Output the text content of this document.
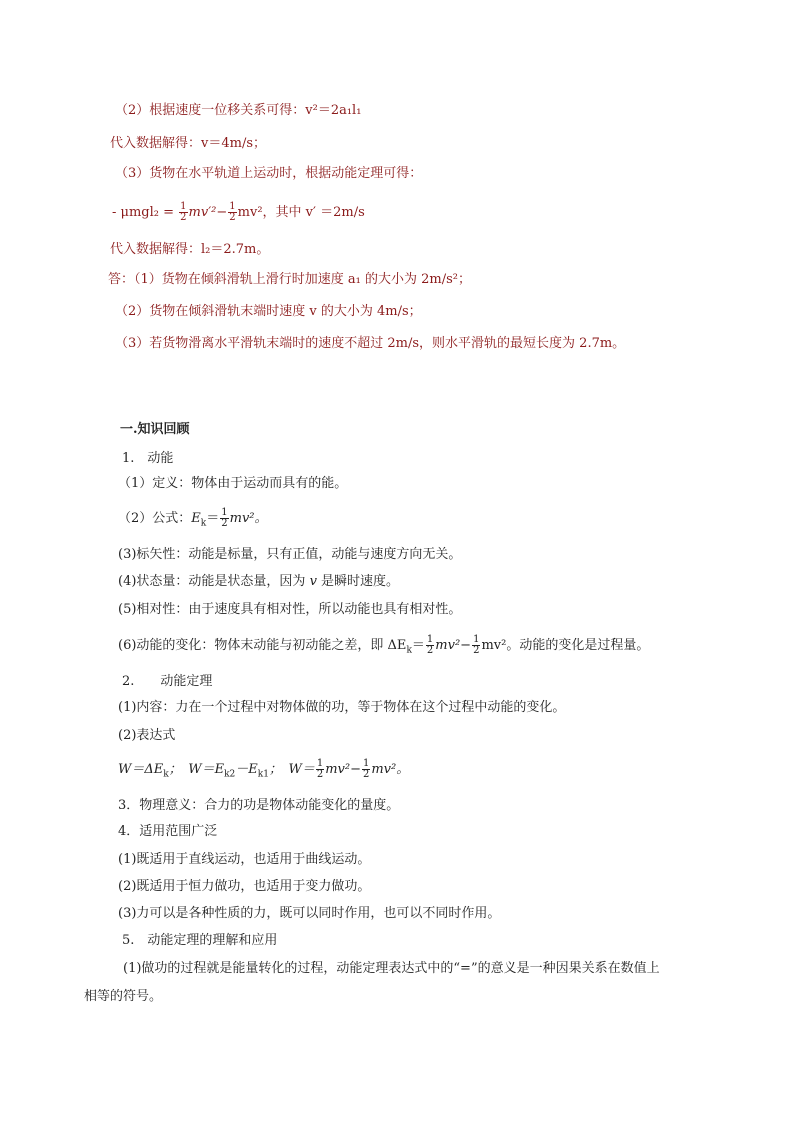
（2）根据速度一位移关系可得：v²＝2a₁l₁
代入数据解得：v＝4m/s；
（3）货物在水平轨道上运动时，根据动能定理可得：
- $\mu mgl_2 = \frac{1}{2} mv'^2- \frac{1}{2} mv^2$，其中 v′ ＝2m/s
代入数据解得：l₂＝2.7m。
答：（1）货物在倾斜滑轨上滑行时加速度 a₁ 的大小为 2m/s²；
（2）货物在倾斜滑轨末端时速度 v 的大小为 4m/s；
（3）若货物滑离水平滑轨末端时的速度不超过 2m/s，则水平滑轨的最短长度为 2.7m。
一.知识回顾
1.　动能
（1）定义：物体由于运动而具有的能。
（2）公式：$E_k= \frac{1}{2} mv^2$。
(3)标矢性：动能是标量，只有正值，动能与速度方向无关。
(4)状态量：动能是状态量，因为 v 是瞬时速度。
(5)相对性：由于速度具有相对性，所以动能也具有相对性。
(6)动能的变化：物体末动能与初动能之差，即 $\Delta E_k= \frac{1}{2} mv^2- \frac{1}{2} mv^2$。动能的变化是过程量。
2.　　动能定理
(1)内容：力在一个过程中对物体做的功，等于物体在这个过程中动能的变化。
(2)表达式
$W=\Delta E_k$；　$W=E_{k2}-E_{k1}$；　$W= \frac{1}{2} mv^2- \frac{1}{2} mv^2$。
3．物理意义：合力的功是物体动能变化的量度。
4．适用范围广泛
(1)既适用于直线运动，也适用于曲线运动。
(2)既适用于恒力做功，也适用于变力做功。
(3)力可以是各种性质的力，既可以同时作用，也可以不同时作用。
5.　动能定理的理解和应用
　(1)做功的过程就是能量转化的过程，动能定理表达式中的“=”的意义是一种因果关系在数值上
相等的符号。
